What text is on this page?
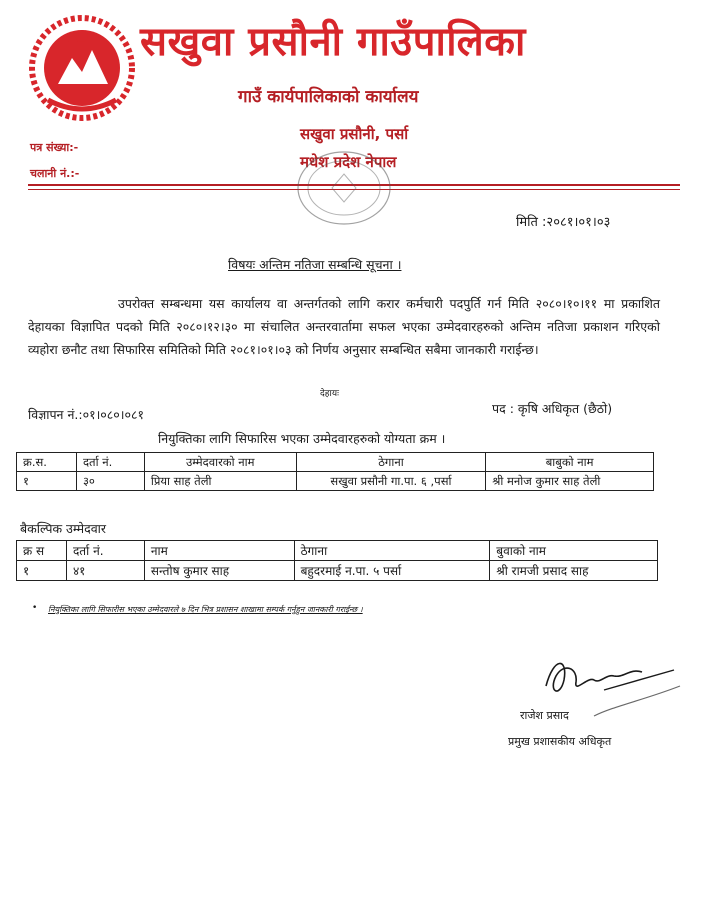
सखुवा प्रसौनी गाउँपालिका
गाउँ कार्यपालिकाको कार्यालय
सखुवा प्रसौनी, पर्सा
मधेश प्रदेश नेपाल
पत्र संख्या:-
चलानी नं.:-
मिति :२०८१।०१।०३
विषयः अन्तिम नतिजा सम्बन्धि सूचना ।
उपरोक्त सम्बन्धमा यस कार्यालय वा अन्तर्गतको लागि करार कर्मचारी पदपुर्ति गर्न मिति २०८०।१०।११ मा प्रकाशित देहायका विज्ञापित पदको मिति २०८०।१२।३० मा संचालित अन्तरवार्तामा सफल भएका उम्मेदवारहरुको अन्तिम नतिजा प्रकाशन गरिएको व्यहोरा छनौट तथा सिफारिस समितिको मिति २०८१।०१।०३ को निर्णय अनुसार सम्बन्धित सबैमा जानकारी गराईन्छ।
देहायः
विज्ञापन नं.:०१।०८०।०८१	पद : कृषि अधिकृत (छैठो)
नियुक्तिका लागि सिफारिस भएका उम्मेदवारहरुको योग्यता क्रम ।
क्र.स.	दर्ता नं.	उम्मेदवारको नाम	ठेगाना	बाबुको नाम
१	३०	प्रिया साह तेली	सखुवा प्रसौनी गा.पा. ६ ,पर्सा	श्री मनोज कुमार साह तेली
बैकल्पिक उम्मेदवार
क्र स	दर्ता नं.	नाम	ठेगाना	बुवाको नाम
१	४१	सन्तोष कुमार साह	बहुदरमाई न.पा. ५ पर्सा	श्री रामजी प्रसाद साह
• नियुक्तिका लागि सिफारीस भएका उम्मेदवारले ७ दिन भित्र प्रशासन शाखामा सम्पर्क गर्नुहुन जानकारी गराईन्छ ।
राजेश प्रसाद
प्रमुख प्रशासकीय अधिकृत
